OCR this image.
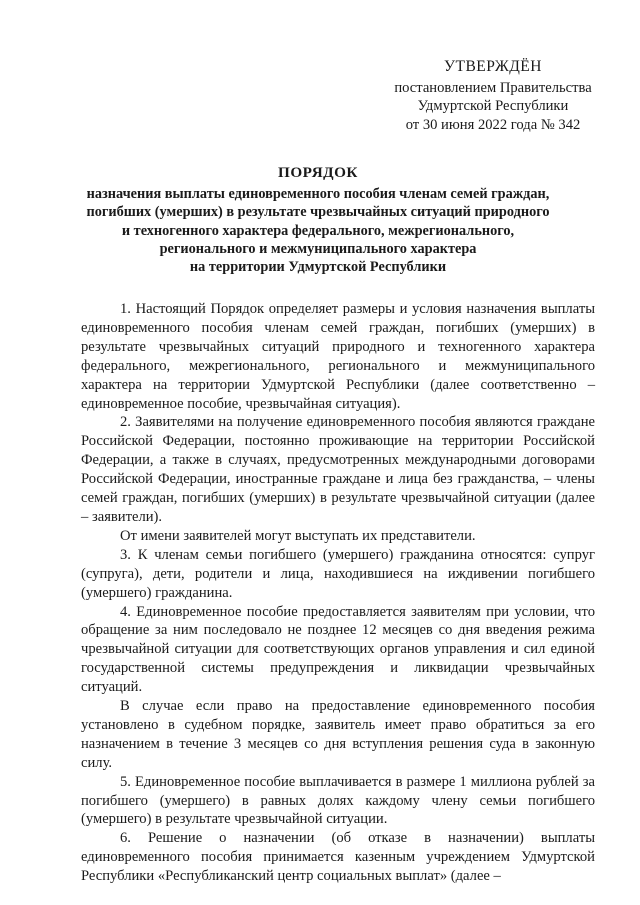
УТВЕРЖДЁН
постановлением Правительства
Удмуртской Республики
от 30 июня 2022 года № 342
ПОРЯДОК
назначения выплаты единовременного пособия членам семей граждан,
погибших (умерших) в результате чрезвычайных ситуаций природного
и техногенного характера федерального, межрегионального,
регионального и межмуниципального характера
на территории Удмуртской Республики

1. Настоящий Порядок определяет размеры и условия назначения выплаты единовременного пособия членам семей граждан, погибших (умерших) в результате чрезвычайных ситуаций природного и техногенного характера федерального, межрегионального, регионального и межмуниципального характера на территории Удмуртской Республики (далее соответственно – единовременное пособие, чрезвычайная ситуация).

2. Заявителями на получение единовременного пособия являются граждане Российской Федерации, постоянно проживающие на территории Российской Федерации, а также в случаях, предусмотренных международными договорами Российской Федерации, иностранные граждане и лица без гражданства, – члены семей граждан, погибших (умерших) в результате чрезвычайной ситуации (далее – заявители).

От имени заявителей могут выступать их представители.

3. К членам семьи погибшего (умершего) гражданина относятся: супруг (супруга), дети, родители и лица, находившиеся на иждивении погибшего (умершего) гражданина.

4. Единовременное пособие предоставляется заявителям при условии, что обращение за ним последовало не позднее 12 месяцев со дня введения режима чрезвычайной ситуации для соответствующих органов управления и сил единой государственной системы предупреждения и ликвидации чрезвычайных ситуаций.

В случае если право на предоставление единовременного пособия установлено в судебном порядке, заявитель имеет право обратиться за его назначением в течение 3 месяцев со дня вступления решения суда в законную силу.

5. Единовременное пособие выплачивается в размере 1 миллиона рублей за погибшего (умершего) в равных долях каждому члену семьи погибшего (умершего) в результате чрезвычайной ситуации.

6. Решение о назначении (об отказе в назначении) выплаты единовременного пособия принимается казенным учреждением Удмуртской Республики «Республиканский центр социальных выплат» (далее –
